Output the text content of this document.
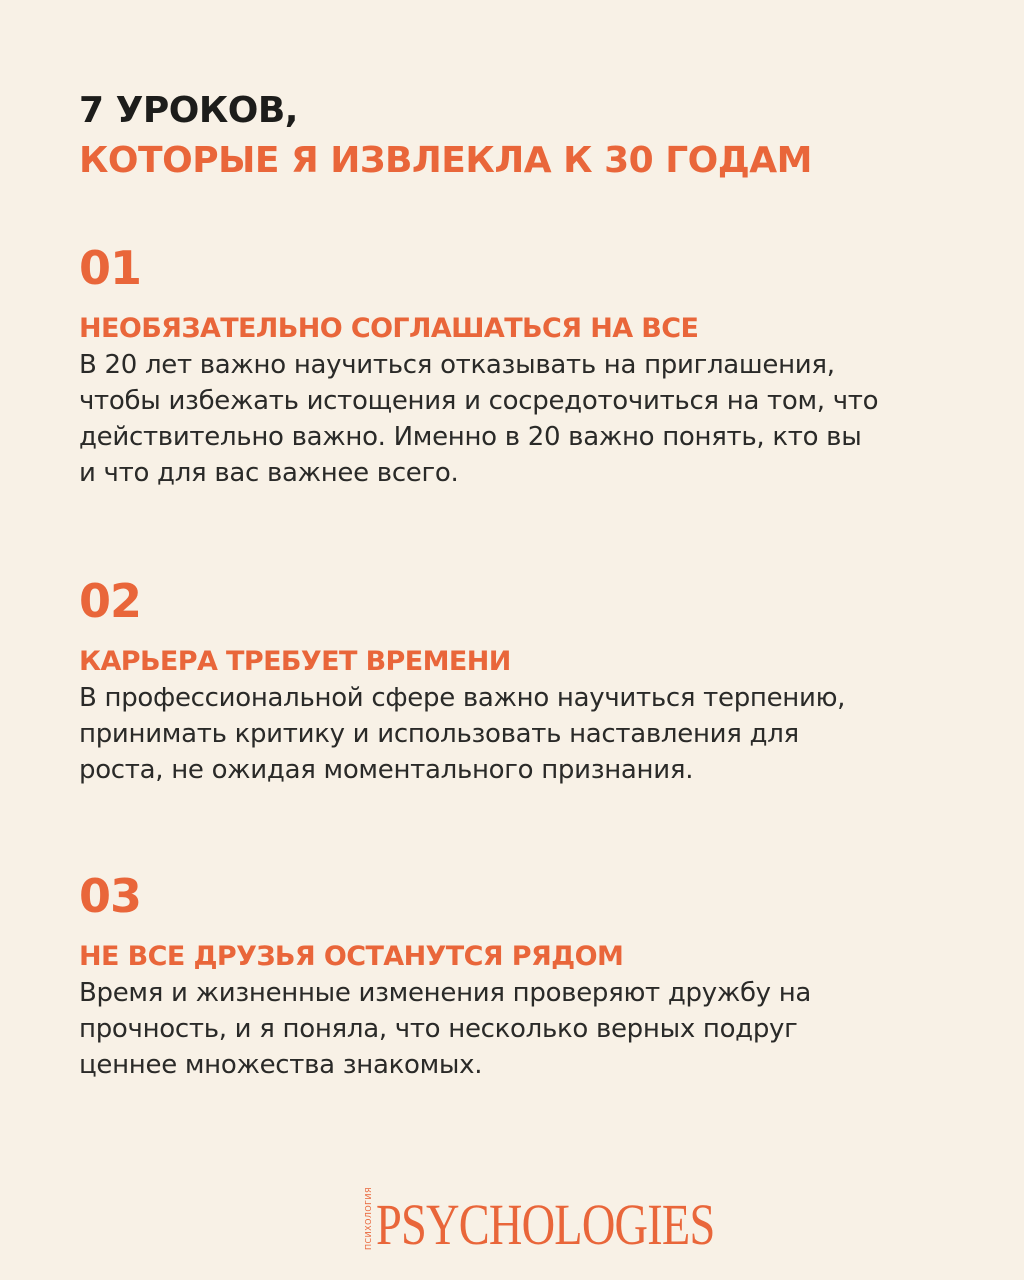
7 УРОКОВ,
КОТОРЫЕ Я ИЗВЛЕКЛА К 30 ГОДАМ
01
НЕОБЯЗАТЕЛЬНО СОГЛАШАТЬСЯ НА ВСЕ

В 20 лет важно научиться отказывать на приглашения,
чтобы избежать истощения и сосредоточиться на том, что
действительно важно. Именно в 20 важно понять, кто вы
и что для вас важнее всего.

02
КАРЬЕРА ТРЕБУЕТ ВРЕМЕНИ

В профессиональной сфере важно научиться терпению,
принимать критику и использовать наставления для
роста, не ожидая моментального признания.

03
НЕ ВСЕ ДРУЗЬЯ ОСТАНУТСЯ РЯДОМ

Время и жизненные изменения проверяют дружбу на
прочность, и я поняла, что несколько верных подруг
ценнее множества знакомых.

ПСИХОЛОГИЯ PSYCHOLOGIES
